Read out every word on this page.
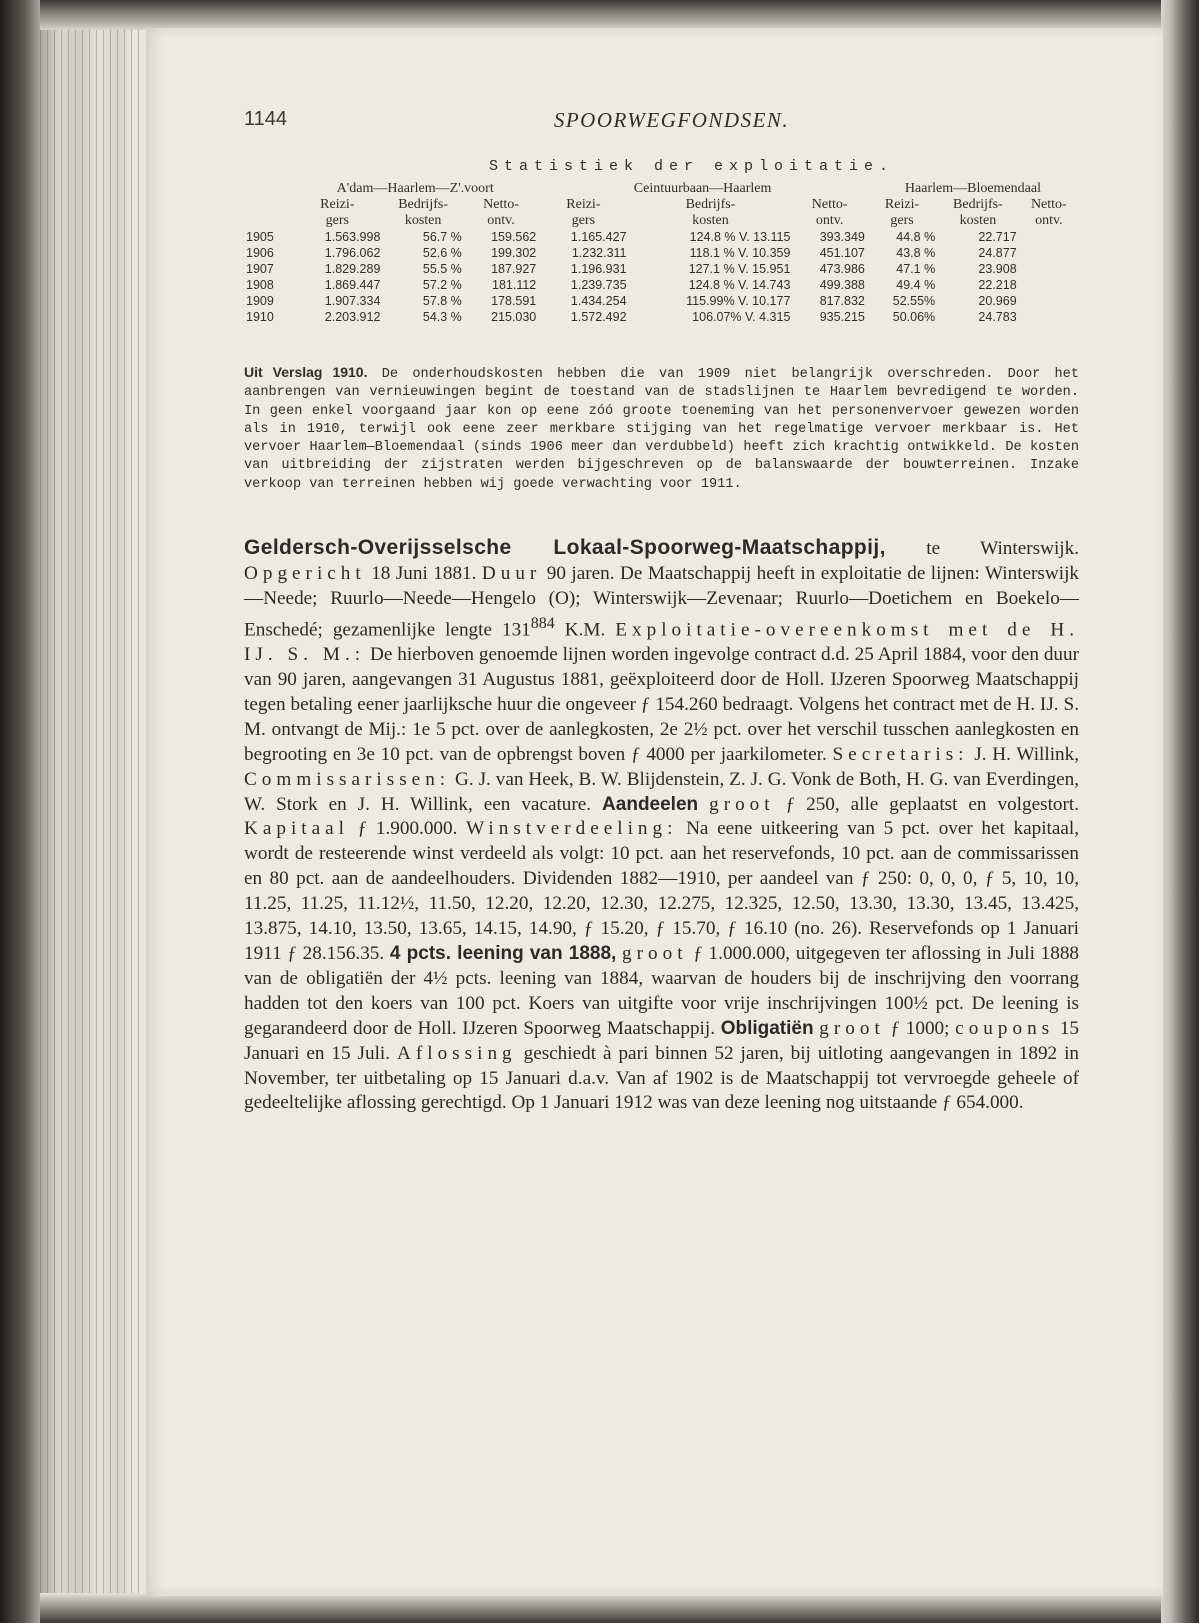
1144	SPOORWEGFONDSEN.
Statistiek der exploitatie.
	A'dam—Haarlem—Z'.voort			Ceintuurbaan—Haarlem			Haarlem—Bloemendaal		
	Reizi-	Bedrijfs-	Netto-	Reizi-	Bedrijfs-	Netto-	Reizi-	Bedrijfs-	Netto-
	gers	kosten	ontv.	gers	kosten	ontv.	gers	kosten	ontv.
1905	1.563.998	56.7 %	159.562	1.165.427	124.8 % V. 13.115	393.349	44.8 %	22.717	
1906	1.796.062	52.6 %	199.302	1.232.311	118.1 % V. 10.359	451.107	43.8 %	24.877	
1907	1.829.289	55.5 %	187.927	1.196.931	127.1 % V. 15.951	473.986	47.1 %	23.908	
1908	1.869.447	57.2 %	181.112	1.239.735	124.8 % V. 14.743	499.388	49.4 %	22.218	
1909	1.907.334	57.8 %	178.591	1.434.254	115.99% V. 10.177	817.832	52.55%	20.969	
1910	2.203.912	54.3 %	215.030	1.572.492	106.07% V. 4.315	935.215	50.06%	24.783	

Uit Verslag 1910. De onderhoudskosten hebben die van 1909 niet belangrijk overschreden. Door het aanbrengen van vernieuwingen begint de toestand van de stadslijnen te Haarlem bevredigend te worden. In geen enkel voorgaand jaar kon op eene zóó groote toeneming van het personenvervoer gewezen worden als in 1910, terwijl ook eene zeer merkbare stijging van het regelmatige vervoer merkbaar is. Het vervoer Haarlem—Bloemendaal (sinds 1906 meer dan verdubbeld) heeft zich krachtig ontwikkeld. De kosten van uitbreiding der zijstraten werden bijgeschreven op de balanswaarde der bouwterreinen. Inzake verkoop van terreinen hebben wij goede verwachting voor 1911.

Geldersch-Overijsselsche Lokaal-Spoorweg-Maatschappij, te Winterswijk. Opgericht 18 Juni 1881. Duur 90 jaren. De Maatschappij heeft in exploitatie de lijnen: Winterswijk—Neede; Ruurlo—Neede—Hengelo (O); Winterswijk—Zevenaar; Ruurlo—Doetichem en Boekelo—Enschedé; gezamenlijke lengte $131^{884}$ K.M. Exploitatie-overeenkomst met de H. IJ. S. M.: De hierboven genoemde lijnen worden ingevolge contract d.d. 25 April 1884, voor den duur van 90 jaren, aangevangen 31 Augustus 1881, geëxploiteerd door de Holl. IJzeren Spoorweg Maatschappij tegen betaling eener jaarlijksche huur die ongeveer ƒ 154.260 bedraagt. Volgens het contract met de H. IJ. S. M. ontvangt de Mij.: 1e 5 pct. over de aanlegkosten, 2e 2½ pct. over het verschil tusschen aanlegkosten en begrooting en 3e 10 pct. van de opbrengst boven ƒ 4000 per jaarkilometer. Secretaris: J. H. Willink, Commissarissen: G. J. van Heek, B. W. Blijdenstein, Z. J. G. Vonk de Both, H. G. van Everdingen, W. Stork en J. H. Willink, een vacature. Aandeelen groot ƒ 250, alle geplaatst en volgestort. Kapitaal ƒ 1.900.000. Winstverdeeling: Na eene uitkeering van 5 pct. over het kapitaal, wordt de resteerende winst verdeeld als volgt: 10 pct. aan het reservefonds, 10 pct. aan de commissarissen en 80 pct. aan de aandeelhouders. Dividenden 1882—1910, per aandeel van ƒ 250: 0, 0, 0, ƒ 5, 10, 10, 11.25, 11.25, 11.12½, 11.50, 12.20, 12.20, 12.30, 12.275, 12.325, 12.50, 13.30, 13.30, 13.45, 13.425, 13.875, 14.10, 13.50, 13.65, 14.15, 14.90, ƒ 15.20, ƒ 15.70, ƒ 16.10 (no. 26). Reservefonds op 1 Januari 1911 ƒ 28.156.35. 4 pcts. leening van 1888, groot ƒ 1.000.000, uitgegeven ter aflossing in Juli 1888 van de obligatiën der 4½ pcts. leening van 1884, waarvan de houders bij de inschrijving den voorrang hadden tot den koers van 100 pct. Koers van uitgifte voor vrije inschrijvingen 100½ pct. De leening is gegarandeerd door de Holl. IJzeren Spoorweg Maatschappij. Obligatiën groot ƒ 1000; coupons 15 Januari en 15 Juli. Aflossing geschiedt à pari binnen 52 jaren, bij uitloting aangevangen in 1892 in November, ter uitbetaling op 15 Januari d.a.v. Van af 1902 is de Maatschappij tot vervroegde geheele of gedeeltelijke aflossing gerechtigd. Op 1 Januari 1912 was van deze leening nog uitstaande ƒ 654.000.
